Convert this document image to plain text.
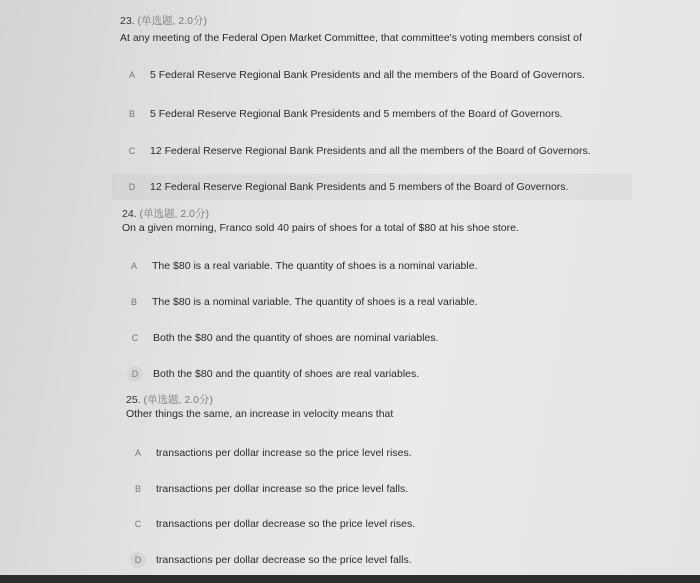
23. (单选题, 2.0分)
At any meeting of the Federal Open Market Committee, that committee's voting members consist of
A	5 Federal Reserve Regional Bank Presidents and all the members of the Board of Governors.
B	5 Federal Reserve Regional Bank Presidents and 5 members of the Board of Governors.
C	12 Federal Reserve Regional Bank Presidents and all the members of the Board of Governors.
D	12 Federal Reserve Regional Bank Presidents and 5 members of the Board of Governors.
24. (单选题, 2.0分)
On a given morning, Franco sold 40 pairs of shoes for a total of $80 at his shoe store.
A	The $80 is a real variable. The quantity of shoes is a nominal variable.
B	The $80 is a nominal variable. The quantity of shoes is a real variable.
C	Both the $80 and the quantity of shoes are nominal variables.
D	Both the $80 and the quantity of shoes are real variables.
25. (单选题, 2.0分)
Other things the same, an increase in velocity means that
A	transactions per dollar increase so the price level rises.
B	transactions per dollar increase so the price level falls.
C	transactions per dollar decrease so the price level rises.
D	transactions per dollar decrease so the price level falls.
